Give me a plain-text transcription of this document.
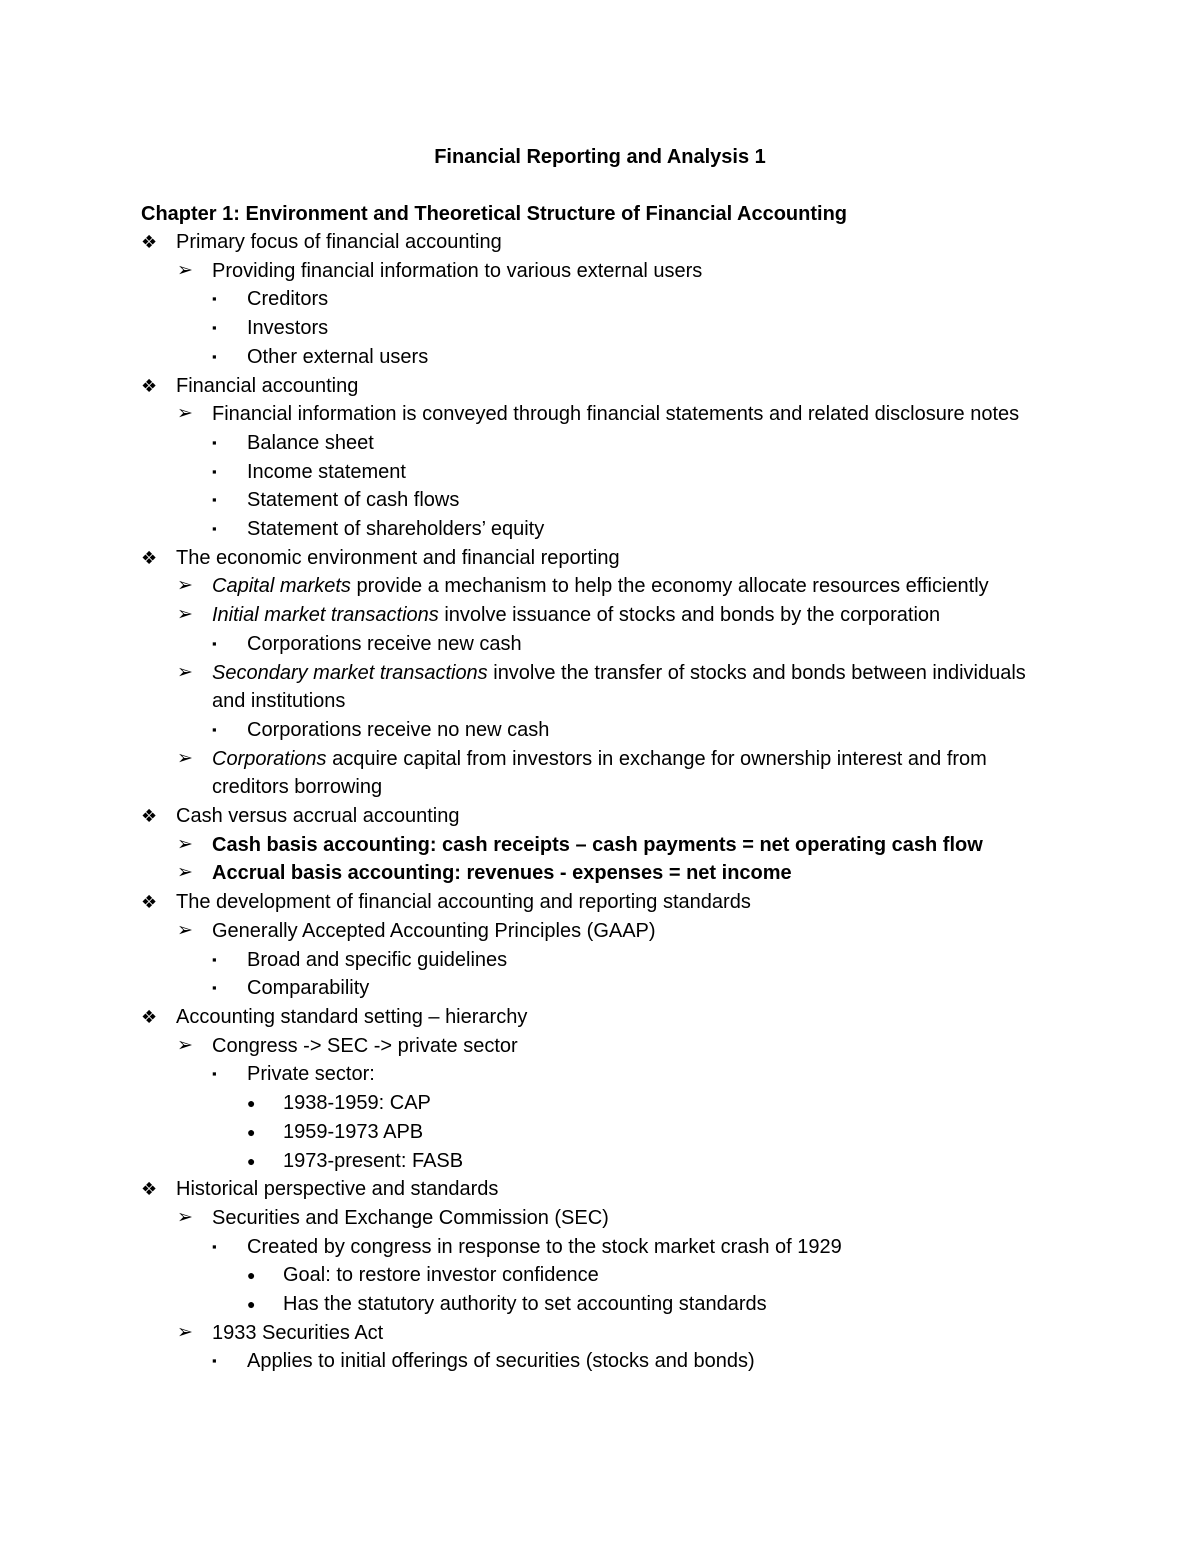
Financial Reporting and Analysis 1
Chapter 1: Environment and Theoretical Structure of Financial Accounting
❖ Primary focus of financial accounting
➢ Providing financial information to various external users
▪	Creditors
▪	Investors
▪	Other external users
❖ Financial accounting
➢ Financial information is conveyed through financial statements and related disclosure notes
▪	Balance sheet
▪	Income statement
▪	Statement of cash flows
▪	Statement of shareholders’ equity
❖ The economic environment and financial reporting
➢ Capital markets provide a mechanism to help the economy allocate resources efficiently
➢ Initial market transactions involve issuance of stocks and bonds by the corporation
▪	Corporations receive new cash
➢ Secondary market transactions involve the transfer of stocks and bonds between individuals and institutions
▪	Corporations receive no new cash
➢ Corporations acquire capital from investors in exchange for ownership interest and from creditors borrowing
❖ Cash versus accrual accounting
➢ Cash basis accounting: cash receipts – cash payments = net operating cash flow
➢ Accrual basis accounting: revenues - expenses = net income
❖ The development of financial accounting and reporting standards
➢ Generally Accepted Accounting Principles (GAAP)
▪	Broad and specific guidelines
▪	Comparability
❖ Accounting standard setting – hierarchy
➢ Congress -> SEC -> private sector
▪	Private sector:
●	1938-1959: CAP
●	1959-1973 APB
●	1973-present: FASB
❖ Historical perspective and standards
➢ Securities and Exchange Commission (SEC)
▪	Created by congress in response to the stock market crash of 1929
●	Goal: to restore investor confidence
●	Has the statutory authority to set accounting standards
➢ 1933 Securities Act
▪	Applies to initial offerings of securities (stocks and bonds)
